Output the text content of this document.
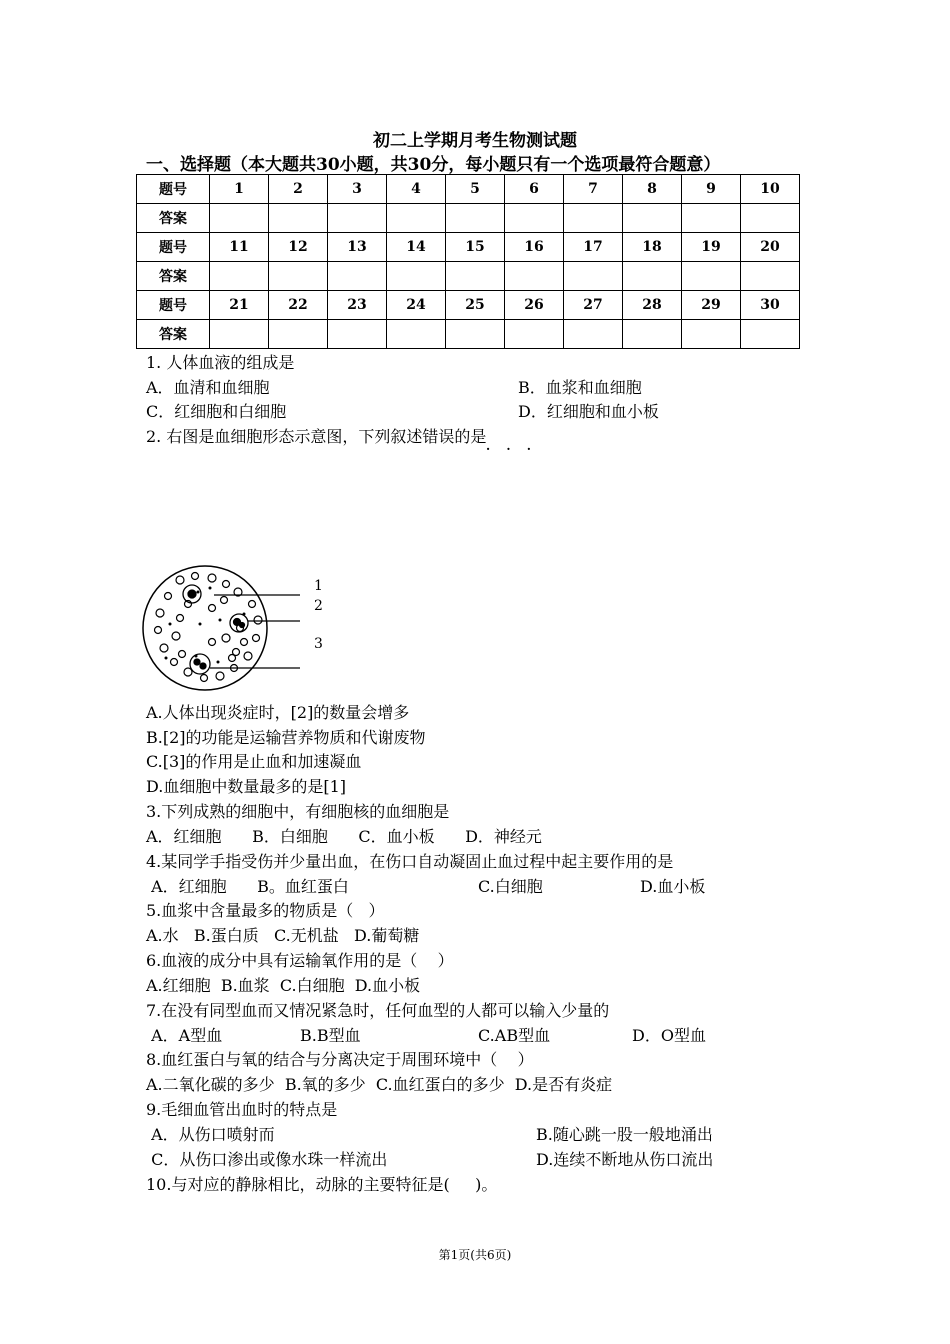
初二上学期月考生物测试题
一、选择题（本大题共30小题，共30分，每小题只有一个选项最符合题意）
题号	1	2	3	4	5	6	7	8	9	10
答案										
题号	11	12	13	14	15	16	17	18	19	20
答案										
题号	21	22	23	24	25	26	27	28	29	30
答案										
1. 人体血液的组成是
A．血清和血细胞	B．血浆和血细胞
C．红细胞和白细胞	D．红细胞和血小板
2. 右图是血细胞形态示意图，下列叙述错误的是
· · ·
1
2
3
A.人体出现炎症时，[2]的数量会增多
B.[2]的功能是运输营养物质和代谢废物
C.[3]的作用是止血和加速凝血
D.血细胞中数量最多的是[1]
3.下列成熟的细胞中，有细胞核的血细胞是
A．红细胞      B．白细胞      C．血小板      D．神经元
4.某同学手指受伤并少量出血，在伤口自动凝固止血过程中起主要作用的是
A．红细胞      B。血红蛋白	C.白细胞	D.血小板
5.血浆中含量最多的物质是（   ）
A.水   B.蛋白质   C.无机盐   D.葡萄糖
6.血液的成分中具有运输氧作用的是（    ）
A.红细胞  B.血浆  C.白细胞  D.血小板
7.在没有同型血而又情况紧急时，任何血型的人都可以输入少量的
A．A型血	B.B型血	C.AB型血	D．O型血
8.血红蛋白与氧的结合与分离决定于周围环境中（    ）
A.二氧化碳的多少  B.氧的多少  C.血红蛋白的多少  D.是否有炎症
9.毛细血管出血时的特点是
A．从伤口喷射而	B.随心跳一股一般地涌出
C．从伤口渗出或像水珠一样流出	D.连续不断地从伤口流出
10.与对应的静脉相比，动脉的主要特征是(     )。
第1页(共6页)
